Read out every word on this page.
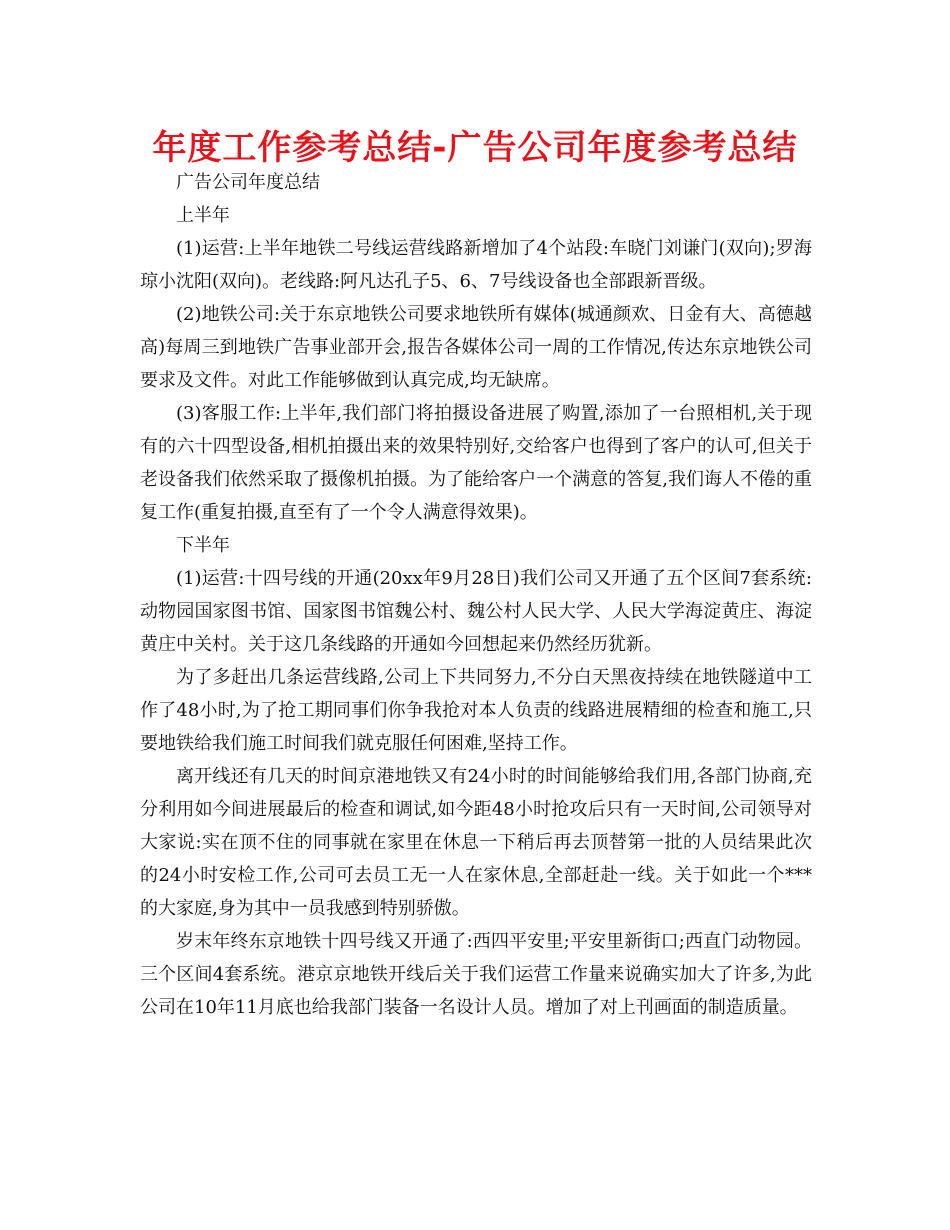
年度工作参考总结-广告公司年度参考总结

广告公司年度总结

上半年

(1)运营:上半年地铁二号线运营线路新增加了4个站段:车晓门刘谦门(双向);罗海琼小沈阳(双向)。老线路:阿凡达孔子5、6、7号线设备也全部跟新晋级。

(2)地铁公司:关于东京地铁公司要求地铁所有媒体(城通颜欢、日金有大、高德越高)每周三到地铁广告事业部开会,报告各媒体公司一周的工作情况,传达东京地铁公司要求及文件。对此工作能够做到认真完成,均无缺席。

(3)客服工作:上半年,我们部门将拍摄设备进展了购置,添加了一台照相机,关于现有的六十四型设备,相机拍摄出来的效果特别好,交给客户也得到了客户的认可,但关于老设备我们依然采取了摄像机拍摄。为了能给客户一个满意的答复,我们诲人不倦的重复工作(重复拍摄,直至有了一个令人满意得效果)。

下半年

(1)运营:十四号线的开通(20xx年9月28日)我们公司又开通了五个区间7套系统:动物园国家图书馆、国家图书馆魏公村、魏公村人民大学、人民大学海淀黄庄、海淀黄庄中关村。关于这几条线路的开通如今回想起来仍然经历犹新。

为了多赶出几条运营线路,公司上下共同努力,不分白天黑夜持续在地铁隧道中工作了48小时,为了抢工期同事们你争我抢对本人负责的线路进展精细的检查和施工,只要地铁给我们施工时间我们就克服任何困难,坚持工作。

离开线还有几天的时间京港地铁又有24小时的时间能够给我们用,各部门协商,充分利用如今间进展最后的检查和调试,如今距48小时抢攻后只有一天时间,公司领导对大家说:实在顶不住的同事就在家里在休息一下稍后再去顶替第一批的人员结果此次的24小时安检工作,公司可去员工无一人在家休息,全部赶赴一线。关于如此一个***的大家庭,身为其中一员我感到特别骄傲。

岁末年终东京地铁十四号线又开通了:西四平安里;平安里新街口;西直门动物园。三个区间4套系统。港京京地铁开线后关于我们运营工作量来说确实加大了许多,为此公司在10年11月底也给我部门装备一名设计人员。增加了对上刊画面的制造质量。
